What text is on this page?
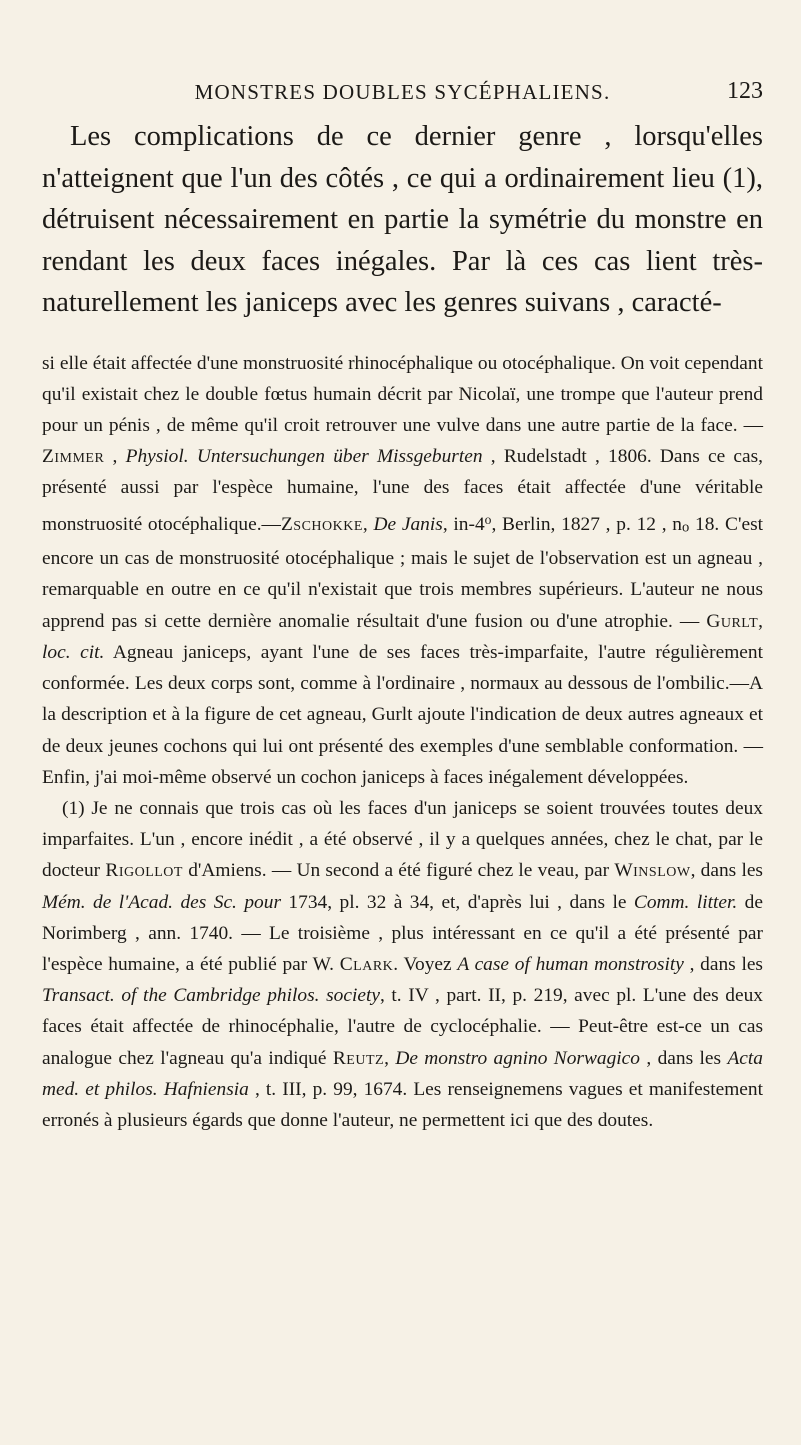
MONSTRES DOUBLES SYCÉPHALIENS.	123

Les complications de ce dernier genre , lorsqu'elles n'atteignent que l'un des côtés , ce qui a ordinairement lieu (1), détruisent nécessairement en partie la symétrie du monstre en rendant les deux faces inégales. Par là ces cas lient très-naturellement les janiceps avec les genres suivans , caracté-

si elle était affectée d'une monstruosité rhinocéphalique ou otocéphalique. On voit cependant qu'il existait chez le double fœtus humain décrit par Nicolaï, une trompe que l'auteur prend pour un pénis , de même qu'il croit retrouver une vulve dans une autre partie de la face. — Zimmer , Physiol. Untersuchungen über Missgeburten , Rudelstadt , 1806. Dans ce cas, présenté aussi par l'espèce humaine, l'une des faces était affectée d'une véritable monstruosité otocéphalique.—Zschokke, De Janis, in-4$^o$, Berlin, 1827 , p. 12 , no 18. C'est encore un cas de monstruosité otocéphalique ; mais le sujet de l'observation est un agneau , remarquable en outre en ce qu'il n'existait que trois membres supérieurs. L'auteur ne nous apprend pas si cette dernière anomalie résultait d'une fusion ou d'une atrophie. — Gurlt, loc. cit. Agneau janiceps, ayant l'une de ses faces très-imparfaite, l'autre régulièrement conformée. Les deux corps sont, comme à l'ordinaire , normaux au dessous de l'ombilic.—A la description et à la figure de cet agneau, Gurlt ajoute l'indication de deux autres agneaux et de deux jeunes cochons qui lui ont présenté des exemples d'une semblable conformation. — Enfin, j'ai moi-même observé un cochon janiceps à faces inégalement développées.

(1) Je ne connais que trois cas où les faces d'un janiceps se soient trouvées toutes deux imparfaites. L'un , encore inédit , a été observé , il y a quelques années, chez le chat, par le docteur Rigollot d'Amiens. — Un second a été figuré chez le veau, par Winslow, dans les Mém. de l'Acad. des Sc. pour 1734, pl. 32 à 34, et, d'après lui , dans le Comm. litter. de Norimberg , ann. 1740. — Le troisième , plus intéressant en ce qu'il a été présenté par l'espèce humaine, a été publié par W. Clark. Voyez A case of human monstrosity , dans les Transact. of the Cambridge philos. society, t. IV , part. II, p. 219, avec pl. L'une des deux faces était affectée de rhinocéphalie, l'autre de cyclocéphalie. — Peut-être est-ce un cas analogue chez l'agneau qu'a indiqué Reutz, De monstro agnino Norwagico , dans les Acta med. et philos. Hafniensia , t. III, p. 99, 1674. Les renseignemens vagues et manifestement erronés à plusieurs égards que donne l'auteur, ne permettent ici que des doutes.
